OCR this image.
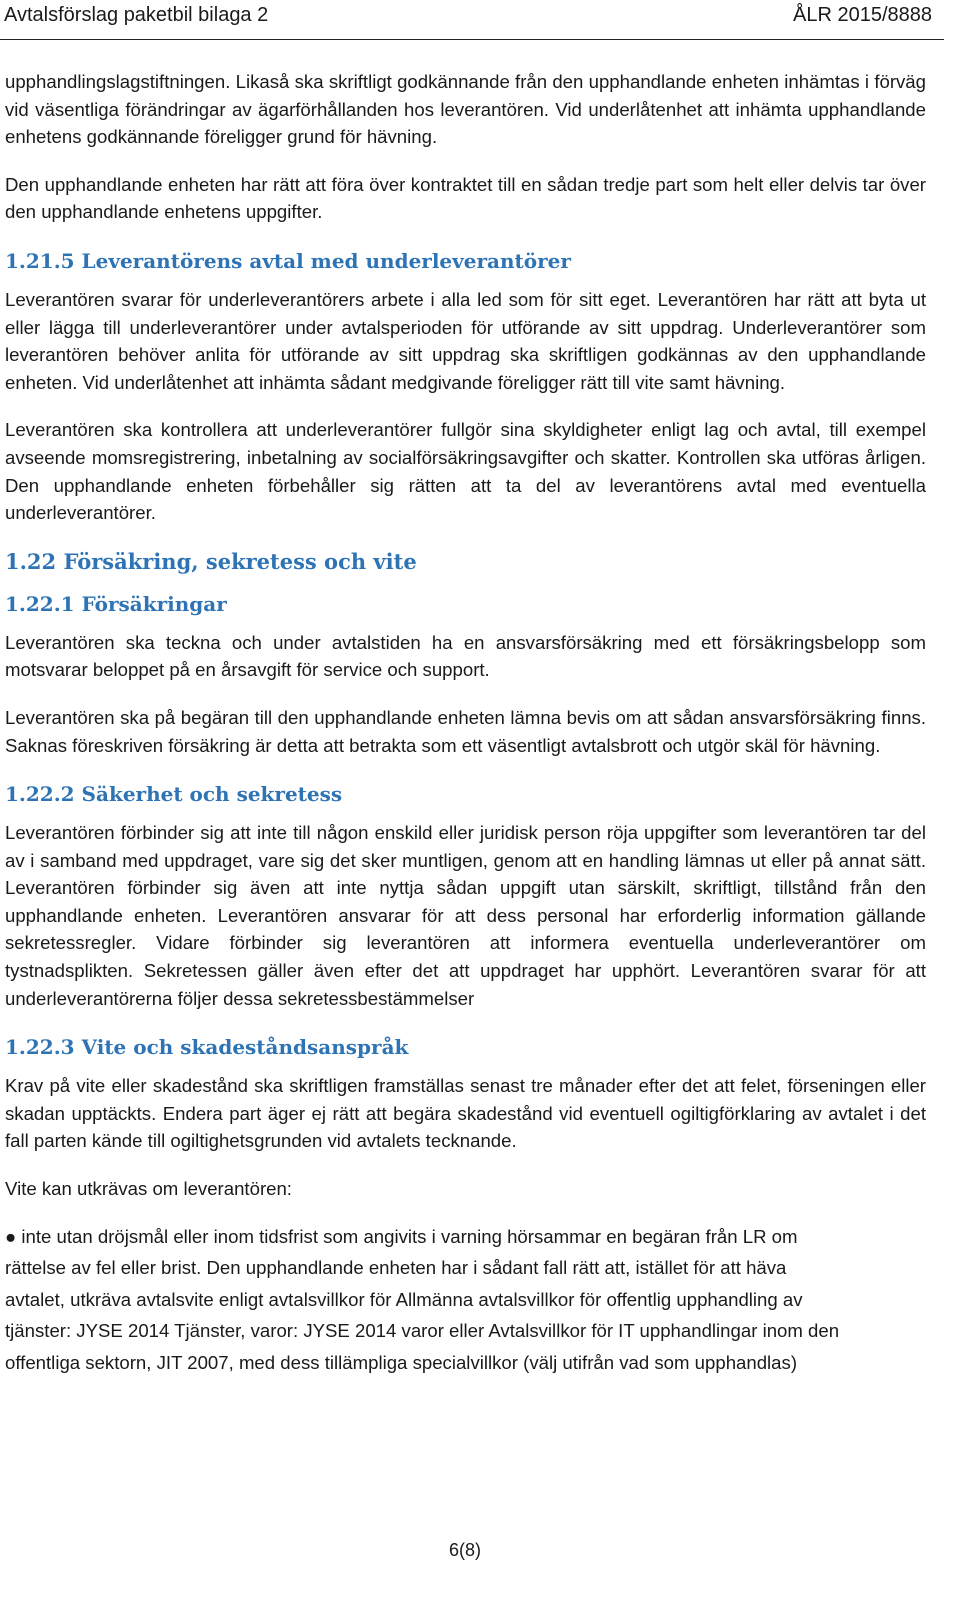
Avtalsförslag paketbil bilaga 2	ÅLR 2015/8888

upphandlingslagstiftningen. Likaså ska skriftligt godkännande från den upphandlande enheten inhämtas i förväg vid väsentliga förändringar av ägarförhållanden hos leverantören. Vid underlåtenhet att inhämta upphandlande enhetens godkännande föreligger grund för hävning.

Den upphandlande enheten har rätt att föra över kontraktet till en sådan tredje part som helt eller delvis tar över den upphandlande enhetens uppgifter.

1.21.5 Leverantörens avtal med underleverantörer

Leverantören svarar för underleverantörers arbete i alla led som för sitt eget. Leverantören har rätt att byta ut eller lägga till underleverantörer under avtalsperioden för utförande av sitt uppdrag. Underleverantörer som leverantören behöver anlita för utförande av sitt uppdrag ska skriftligen godkännas av den upphandlande enheten. Vid underlåtenhet att inhämta sådant medgivande föreligger rätt till vite samt hävning.

Leverantören ska kontrollera att underleverantörer fullgör sina skyldigheter enligt lag och avtal, till exempel avseende momsregistrering, inbetalning av socialförsäkringsavgifter och skatter. Kontrollen ska utföras årligen. Den upphandlande enheten förbehåller sig rätten att ta del av leverantörens avtal med eventuella underleverantörer.

1.22 Försäkring, sekretess och vite
1.22.1 Försäkringar

Leverantören ska teckna och under avtalstiden ha en ansvarsförsäkring med ett försäkringsbelopp som motsvarar beloppet på en årsavgift för service och support.

Leverantören ska på begäran till den upphandlande enheten lämna bevis om att sådan ansvarsförsäkring finns. Saknas föreskriven försäkring är detta att betrakta som ett väsentligt avtalsbrott och utgör skäl för hävning.

1.22.2 Säkerhet och sekretess

Leverantören förbinder sig att inte till någon enskild eller juridisk person röja uppgifter som leverantören tar del av i samband med uppdraget, vare sig det sker muntligen, genom att en handling lämnas ut eller på annat sätt. Leverantören förbinder sig även att inte nyttja sådan uppgift utan särskilt, skriftligt, tillstånd från den upphandlande enheten. Leverantören ansvarar för att dess personal har erforderlig information gällande sekretessregler. Vidare förbinder sig leverantören att informera eventuella underleverantörer om tystnadsplikten. Sekretessen gäller även efter det att uppdraget har upphört. Leverantören svarar för att underleverantörerna följer dessa sekretessbestämmelser

1.22.3 Vite och skadeståndsanspråk

Krav på vite eller skadestånd ska skriftligen framställas senast tre månader efter det att felet, förseningen eller skadan upptäckts. Endera part äger ej rätt att begära skadestånd vid eventuell ogiltigförklaring av avtalet i det fall parten kände till ogiltighetsgrunden vid avtalets tecknande.

Vite kan utkrävas om leverantören:

● inte utan dröjsmål eller inom tidsfrist som angivits i varning hörsammar en begäran från LR om
rättelse av fel eller brist. Den upphandlande enheten har i sådant fall rätt att, istället för att häva
avtalet, utkräva avtalsvite enligt avtalsvillkor för Allmänna avtalsvillkor för offentlig upphandling av
tjänster: JYSE 2014 Tjänster, varor: JYSE 2014 varor eller Avtalsvillkor för IT upphandlingar inom den
offentliga sektorn, JIT 2007, med dess tillämpliga specialvillkor (välj utifrån vad som upphandlas)
6(8)
